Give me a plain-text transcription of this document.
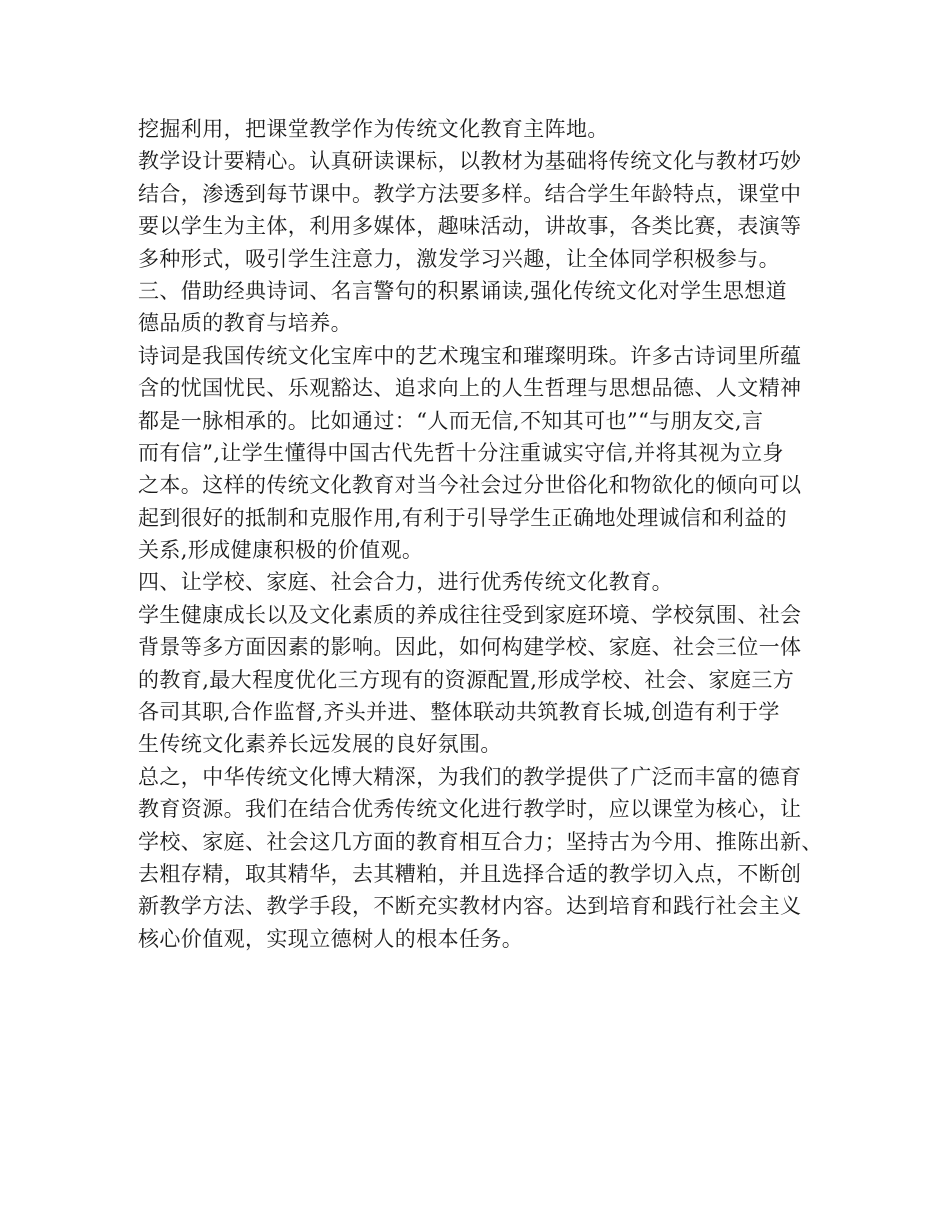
挖掘利用，把课堂教学作为传统文化教育主阵地。
教学设计要精心。认真研读课标，以教材为基础将传统文化与教材巧妙
结合，渗透到每节课中。教学方法要多样。结合学生年龄特点，课堂中
要以学生为主体，利用多媒体，趣味活动，讲故事，各类比赛，表演等
多种形式，吸引学生注意力，激发学习兴趣，让全体同学积极参与。
三、借助经典诗词、名言警句的积累诵读,强化传统文化对学生思想道
德品质的教育与培养。
诗词是我国传统文化宝库中的艺术瑰宝和璀璨明珠。许多古诗词里所蕴
含的忧国忧民、乐观豁达、追求向上的人生哲理与思想品德、人文精神
都是一脉相承的。比如通过：“人而无信,不知其可也”“与朋友交,言
而有信”,让学生懂得中国古代先哲十分注重诚实守信,并将其视为立身
之本。这样的传统文化教育对当今社会过分世俗化和物欲化的倾向可以
起到很好的抵制和克服作用,有利于引导学生正确地处理诚信和利益的
关系,形成健康积极的价值观。
四、让学校、家庭、社会合力，进行优秀传统文化教育。
学生健康成长以及文化素质的养成往往受到家庭环境、学校氛围、社会
背景等多方面因素的影响。因此，如何构建学校、家庭、社会三位一体
的教育,最大程度优化三方现有的资源配置,形成学校、社会、家庭三方
各司其职,合作监督,齐头并进、整体联动共筑教育长城,创造有利于学
生传统文化素养长远发展的良好氛围。
总之，中华传统文化博大精深，为我们的教学提供了广泛而丰富的德育
教育资源。我们在结合优秀传统文化进行教学时，应以课堂为核心，让
学校、家庭、社会这几方面的教育相互合力；坚持古为今用、推陈出新、
去粗存精，取其精华，去其糟粕，并且选择合适的教学切入点，不断创
新教学方法、教学手段，不断充实教材内容。达到培育和践行社会主义
核心价值观，实现立德树人的根本任务。
